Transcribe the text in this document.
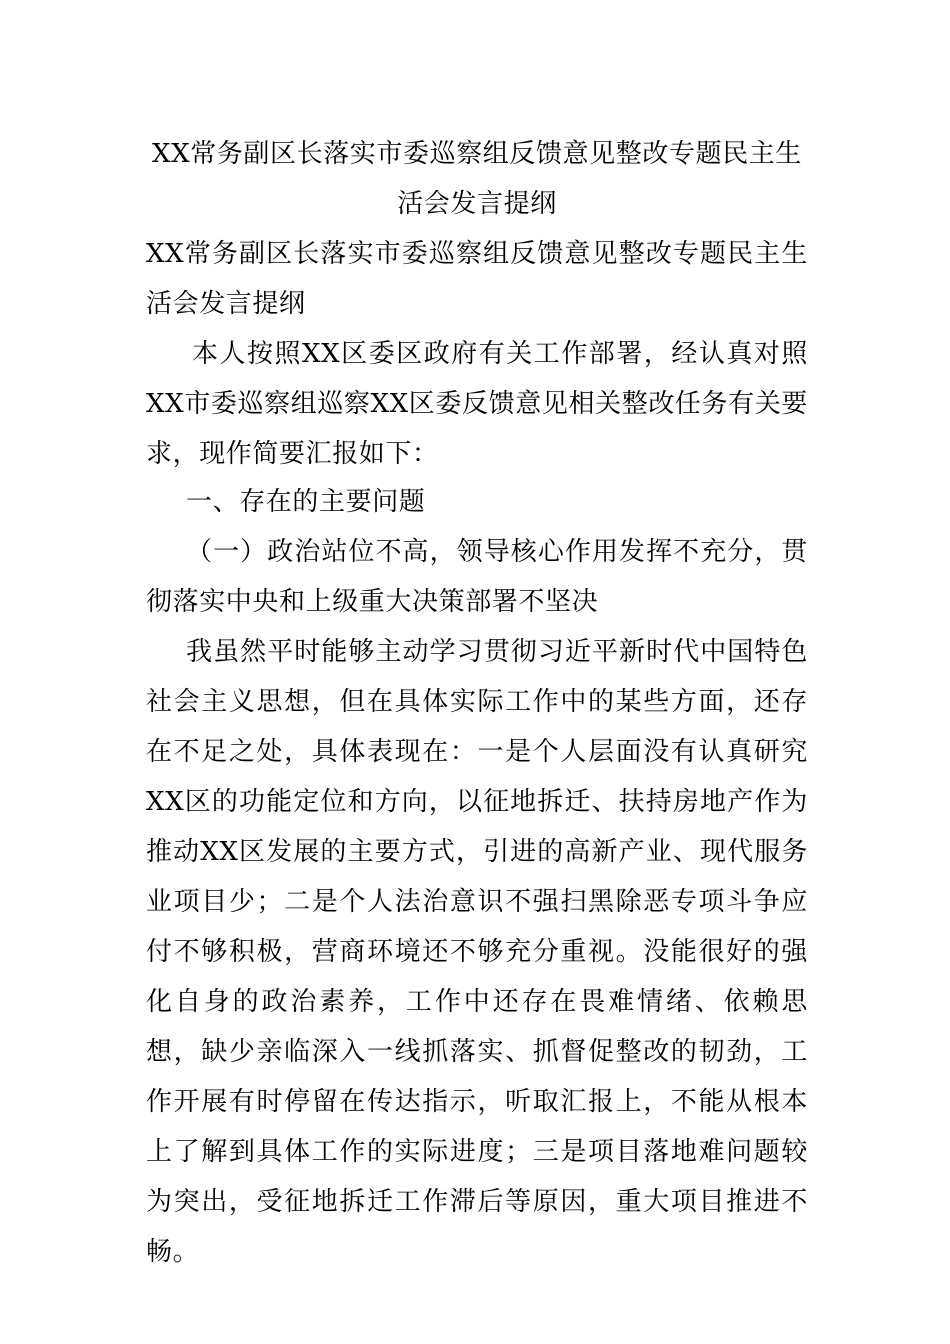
XX常务副区长落实市委巡察组反馈意见整改专题民主生活会发言提纲

XX常务副区长落实市委巡察组反馈意见整改专题民主生活会发言提纲

本人按照XX区委区政府有关工作部署，经认真对照XX市委巡察组巡察XX区委反馈意见相关整改任务有关要求，现作简要汇报如下：

一、存在的主要问题

（一）政治站位不高，领导核心作用发挥不充分，贯彻落实中央和上级重大决策部署不坚决

我虽然平时能够主动学习贯彻习近平新时代中国特色社会主义思想，但在具体实际工作中的某些方面，还存在不足之处，具体表现在：一是个人层面没有认真研究XX区的功能定位和方向，以征地拆迁、扶持房地产作为推动XX区发展的主要方式，引进的高新产业、现代服务业项目少；二是个人法治意识不强扫黑除恶专项斗争应付不够积极，营商环境还不够充分重视。没能很好的强化自身的政治素养，工作中还存在畏难情绪、依赖思想，缺少亲临深入一线抓落实、抓督促整改的韧劲，工作开展有时停留在传达指示，听取汇报上，不能从根本上了解到具体工作的实际进度；三是项目落地难问题较为突出，受征地拆迁工作滞后等原因，重大项目推进不畅。
